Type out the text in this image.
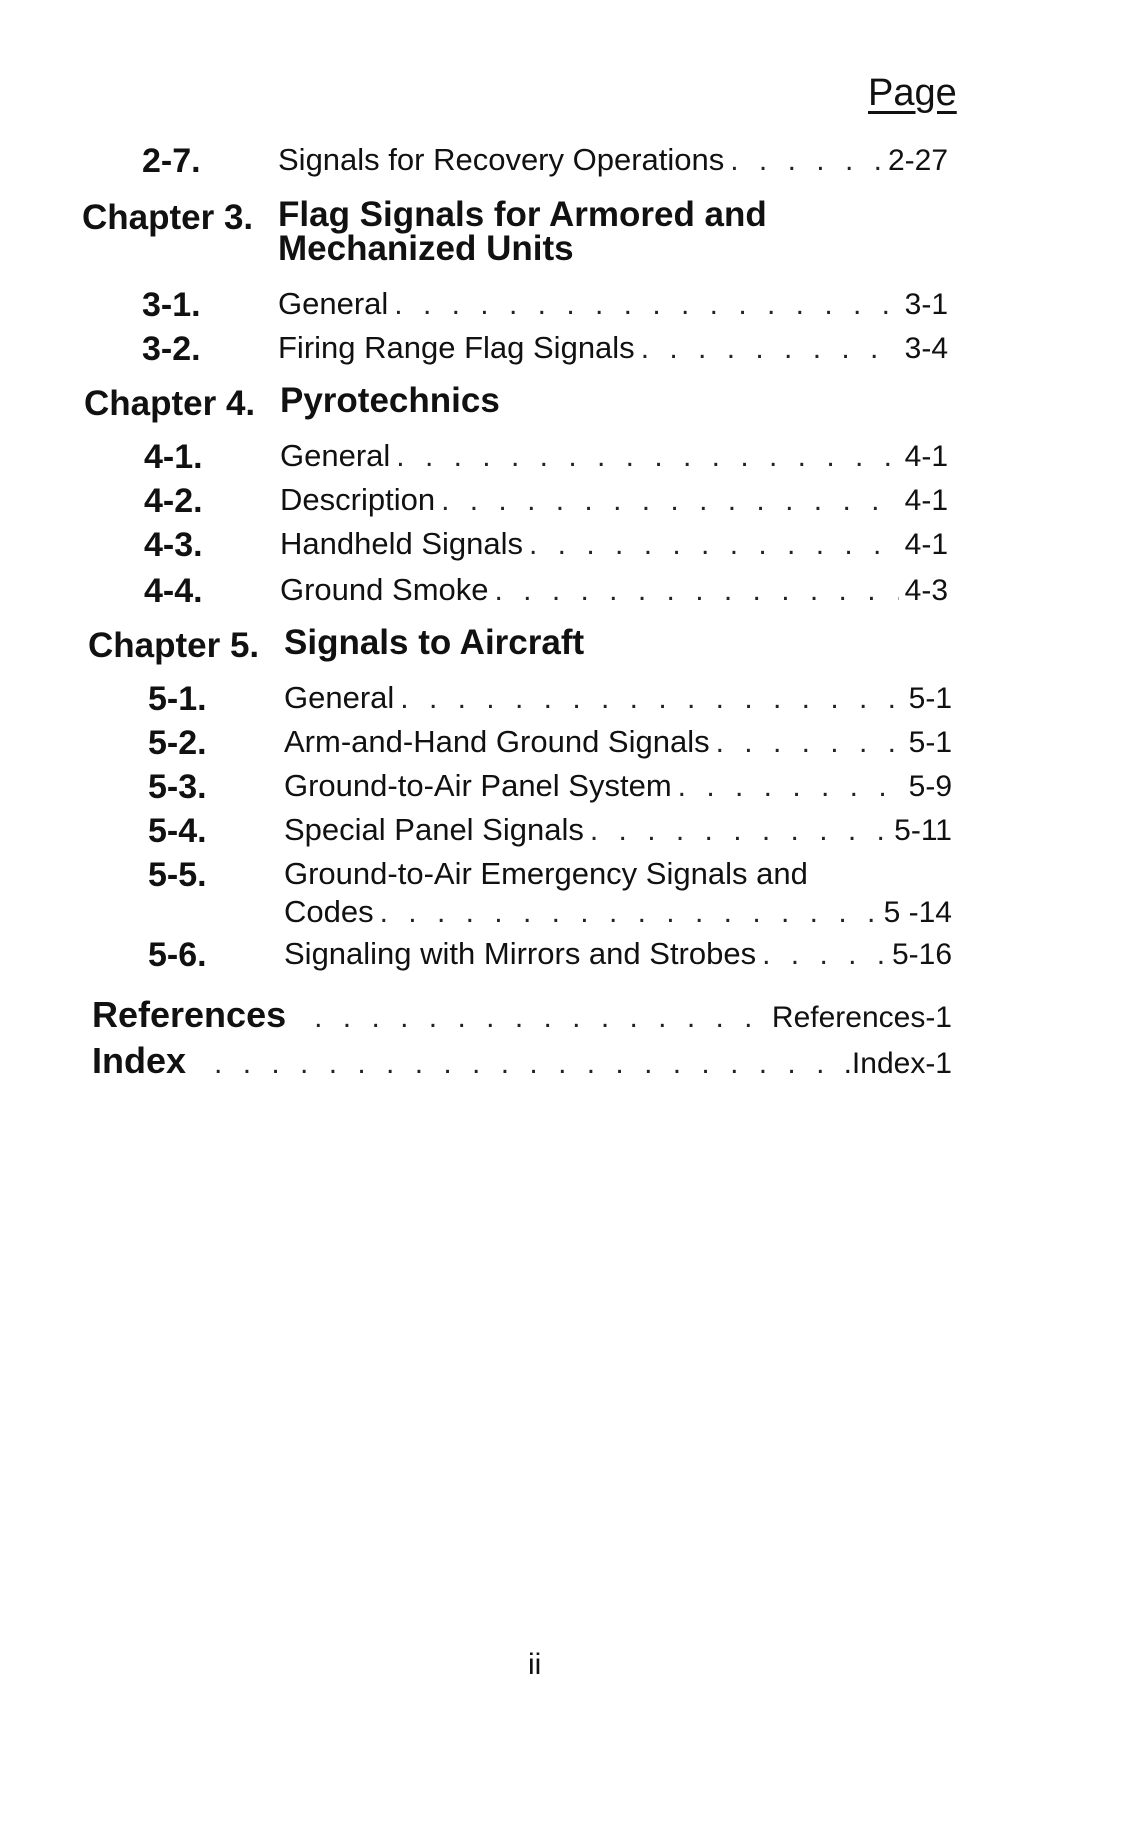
Page
2-7. Signals for Recovery Operations . . .	2-27
Chapter 3. Flag Signals for Armored and
Mechanized Units
3-1. General . . .	3-1
3-2. Firing Range Flag Signals . . .	3-4
Chapter 4. Pyrotechnics
4-1. General . . .	4-1
4-2. Description . . .	4-1
4-3. Handheld Signals . . .	4-1
4-4. Ground Smoke . . .	4-3
Chapter 5. Signals to Aircraft
5-1. General . . .	5-1
5-2. Arm-and-Hand Ground Signals . . .	5-1
5-3. Ground-to-Air Panel System . . .	5-9
5-4. Special Panel Signals . . .	5-11
5-5. Ground-to-Air Emergency Signals and
Codes . . .	5 -14
5-6. Signaling with Mirrors and Strobes . . .	5-16
References . . .	References-1
Index . . .	.Index-1
ii
